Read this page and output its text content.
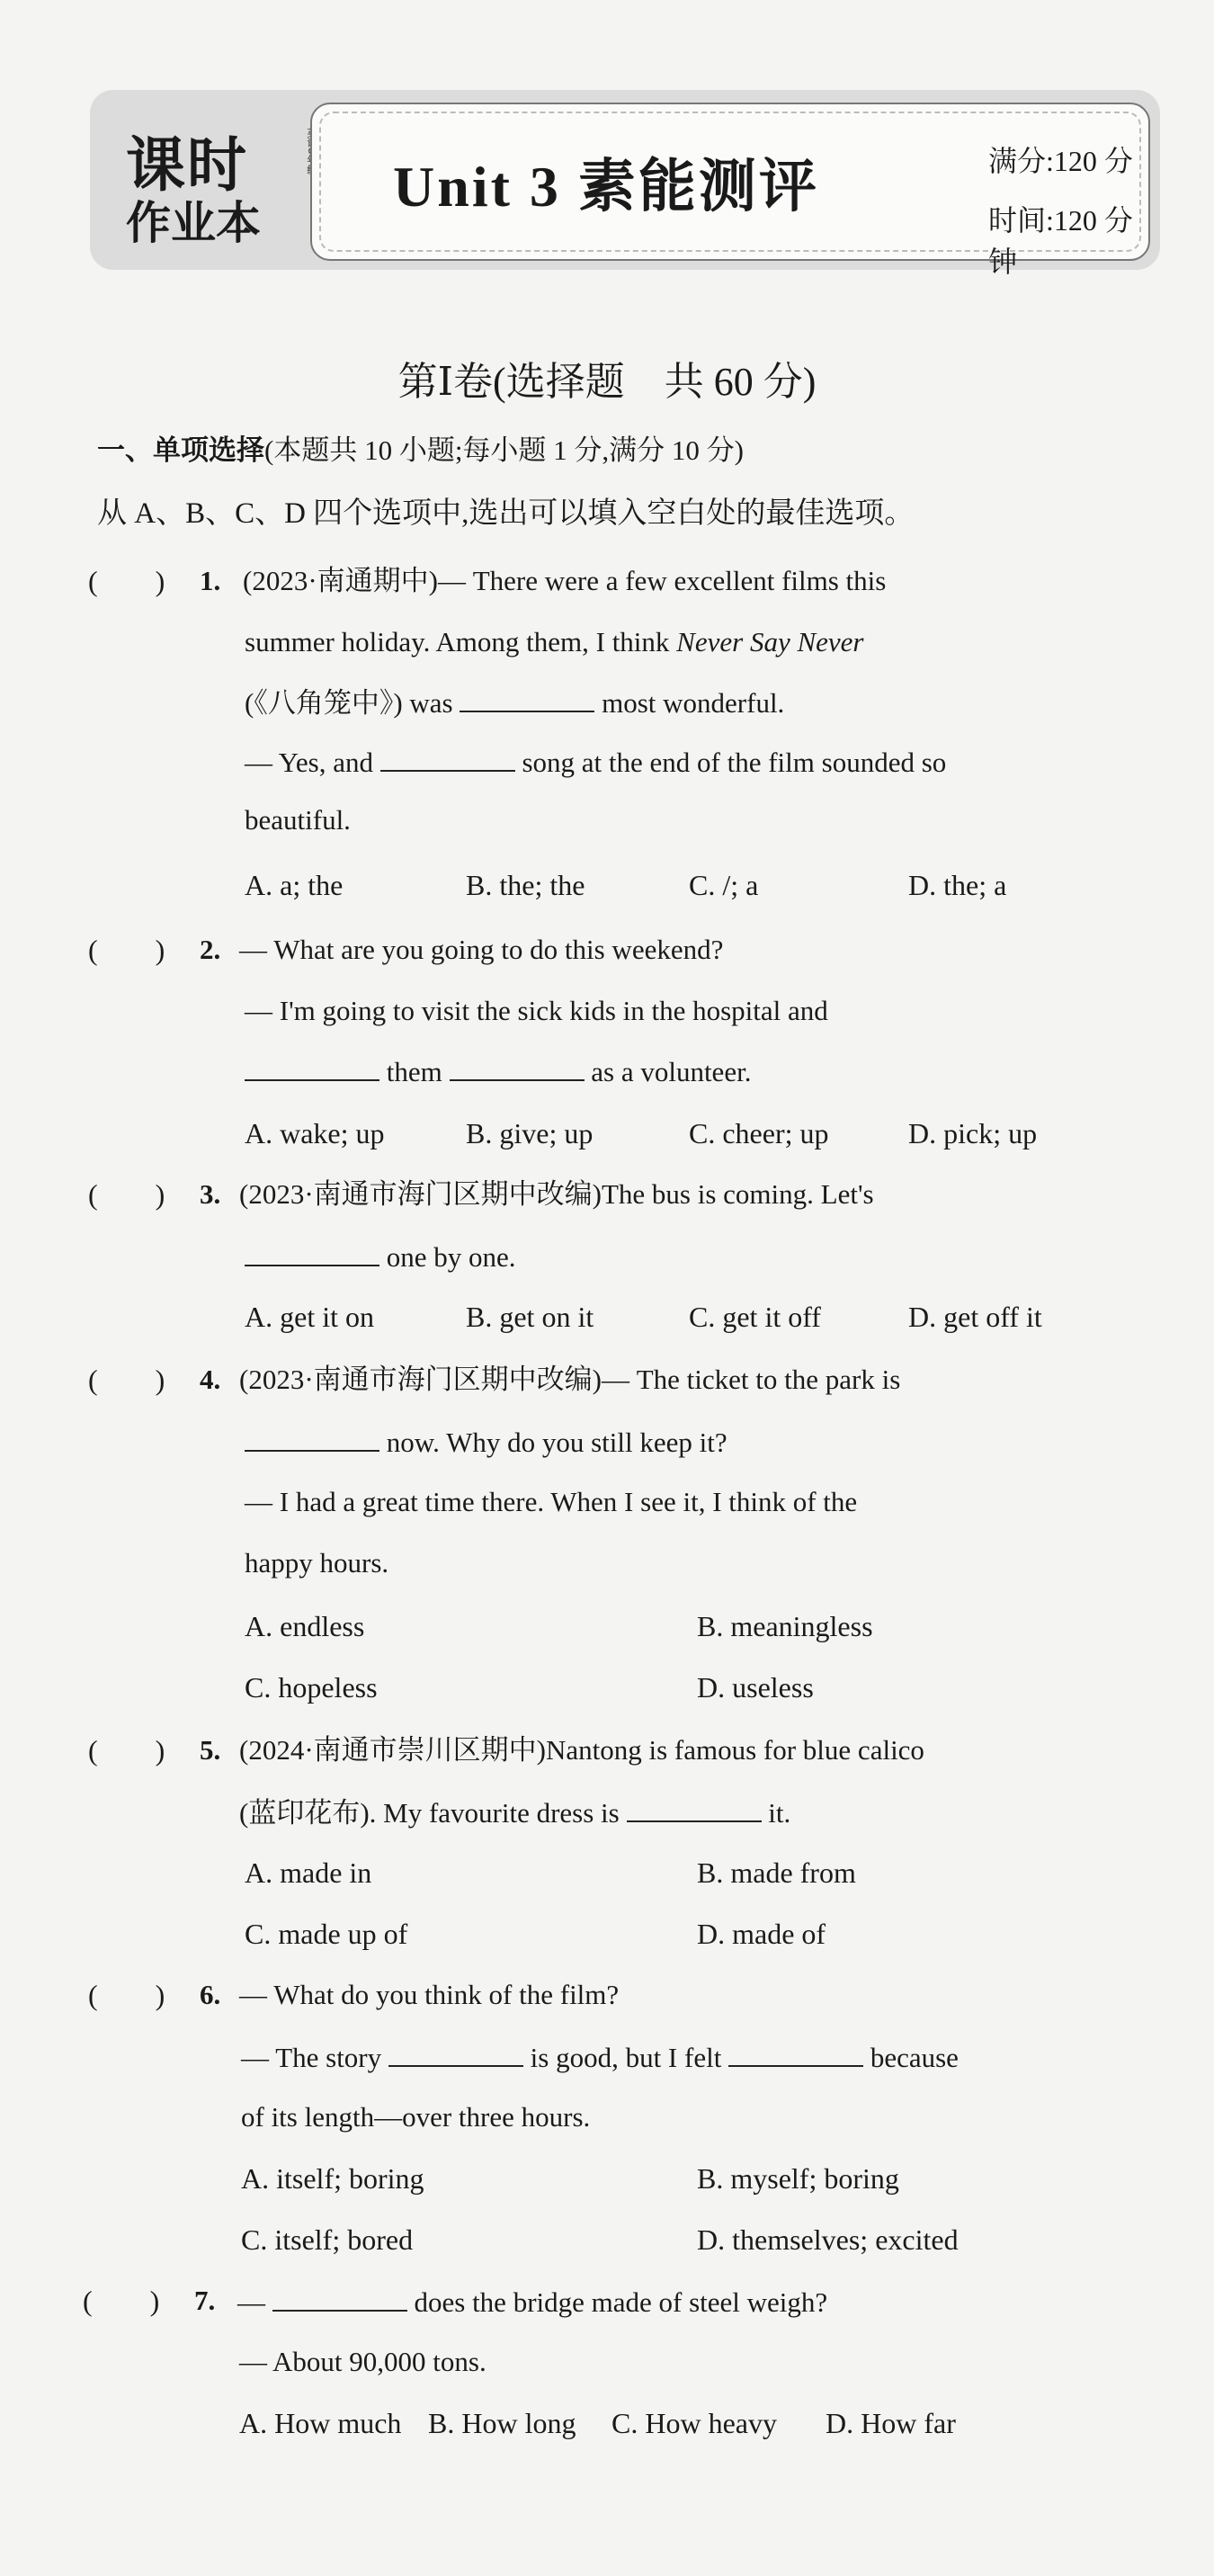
课时
作业本
Unit 3 素能测评	满分:120 分
时间:120 分钟
第Ⅰ卷(选择题　共 60 分)
一、单项选择(本题共 10 小题;每小题 1 分,满分 10 分)
从 A、B、C、D 四个选项中,选出可以填入空白处的最佳选项。
(　　) 1. (2023·南通期中)— There were a few excellent films this
summer holiday. Among them, I think Never Say Never
(《八角笼中》) was	most wonderful.
— Yes, and	song at the end of the film sounded so
beautiful.
A. a; the	B. the; the	C. /; a	D. the; a
(　　) 2. — What are you going to do this weekend?
— I'm going to visit the sick kids in the hospital and
them	as a volunteer.
A. wake; up	B. give; up	C. cheer; up	D. pick; up
(　　) 3. (2023·南通市海门区期中改编)The bus is coming. Let's
one by one.
A. get it on	B. get on it	C. get it off	D. get off it
(　　) 4. (2023·南通市海门区期中改编)— The ticket to the park is
now. Why do you still keep it?
— I had a great time there. When I see it, I think of the
happy hours.
A. endless	B. meaningless
C. hopeless	D. useless
(　　) 5. (2024·南通市崇川区期中)Nantong is famous for blue calico
(蓝印花布). My favourite dress is	it.
A. made in	B. made from
C. made up of	D. made of
(　　) 6. — What do you think of the film?
— The story	is good, but I felt	because
of its length—over three hours.
A. itself; boring	B. myself; boring
C. itself; bored	D. themselves; excited
(　　) 7. —	does the bridge made of steel weigh?
— About 90,000 tons.
A. How much B. How long C. How heavy D. How far
